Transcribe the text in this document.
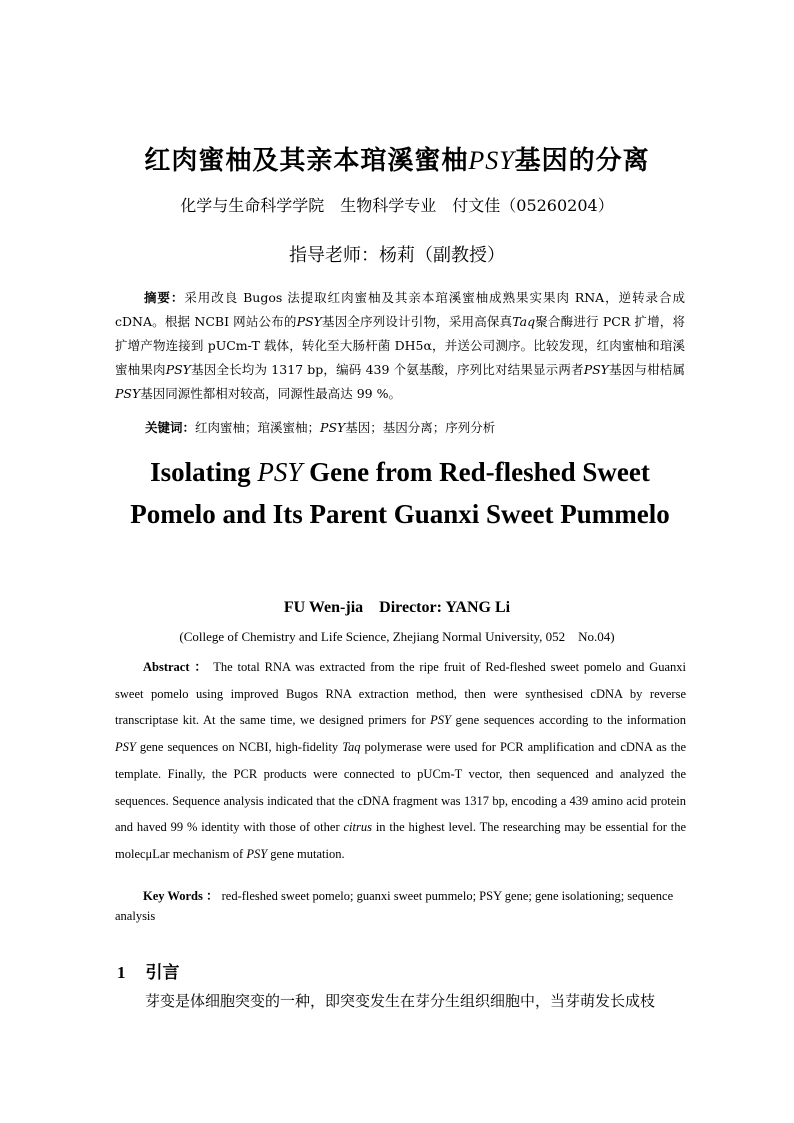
红肉蜜柚及其亲本琯溪蜜柚PSY基因的分离
化学与生命科学学院　生物科学专业　付文佳（05260204）
指导老师：杨莉（副教授）
摘要：采用改良 Bugos 法提取红肉蜜柚及其亲本琯溪蜜柚成熟果实果肉 RNA，逆转录合成 cDNA。根据 NCBI 网站公布的PSY基因全序列设计引物，采用高保真Taq聚合酶进行 PCR 扩增，将扩增产物连接到 pUCm-T 载体，转化至大肠杆菌 DH5α，并送公司测序。比较发现，红肉蜜柚和琯溪蜜柚果肉PSY基因全长均为 1317 bp，编码 439 个氨基酸，序列比对结果显示两者PSY基因与柑桔属PSY基因同源性都相对较高，同源性最高达 99 %。
关键词：红肉蜜柚；琯溪蜜柚；PSY基因；基因分离；序列分析
Isolating PSY Gene from Red-fleshed Sweet Pomelo and Its Parent Guanxi Sweet Pummelo
FU Wen-jia　Director: YANG Li
(College of Chemistry and Life Science, Zhejiang Normal University, 052　No.04)
Abstract ： The total RNA was extracted from the ripe fruit of Red-fleshed sweet pomelo and Guanxi sweet pomelo using improved Bugos RNA extraction method, then were synthesised cDNA by reverse transcriptase kit. At the same time, we designed primers for PSY gene sequences according to the information PSY gene sequences on NCBI, high-fidelity Taq polymerase were used for PCR amplification and cDNA as the template. Finally, the PCR products were connected to pUCm-T vector, then sequenced and analyzed the sequences. Sequence analysis indicated that the cDNA fragment was 1317 bp, encoding a 439 amino acid protein and haved 99 % identity with those of other citrus in the highest level. The researching may be essential for the molecμLar mechanism of PSY gene mutation.
Key Words ： red-fleshed sweet pomelo; guanxi sweet pummelo; PSY gene; gene isolationing; sequence analysis
1 引言
芽变是体细胞突变的一种，即突变发生在芽分生组织细胞中，当芽萌发长成枝
